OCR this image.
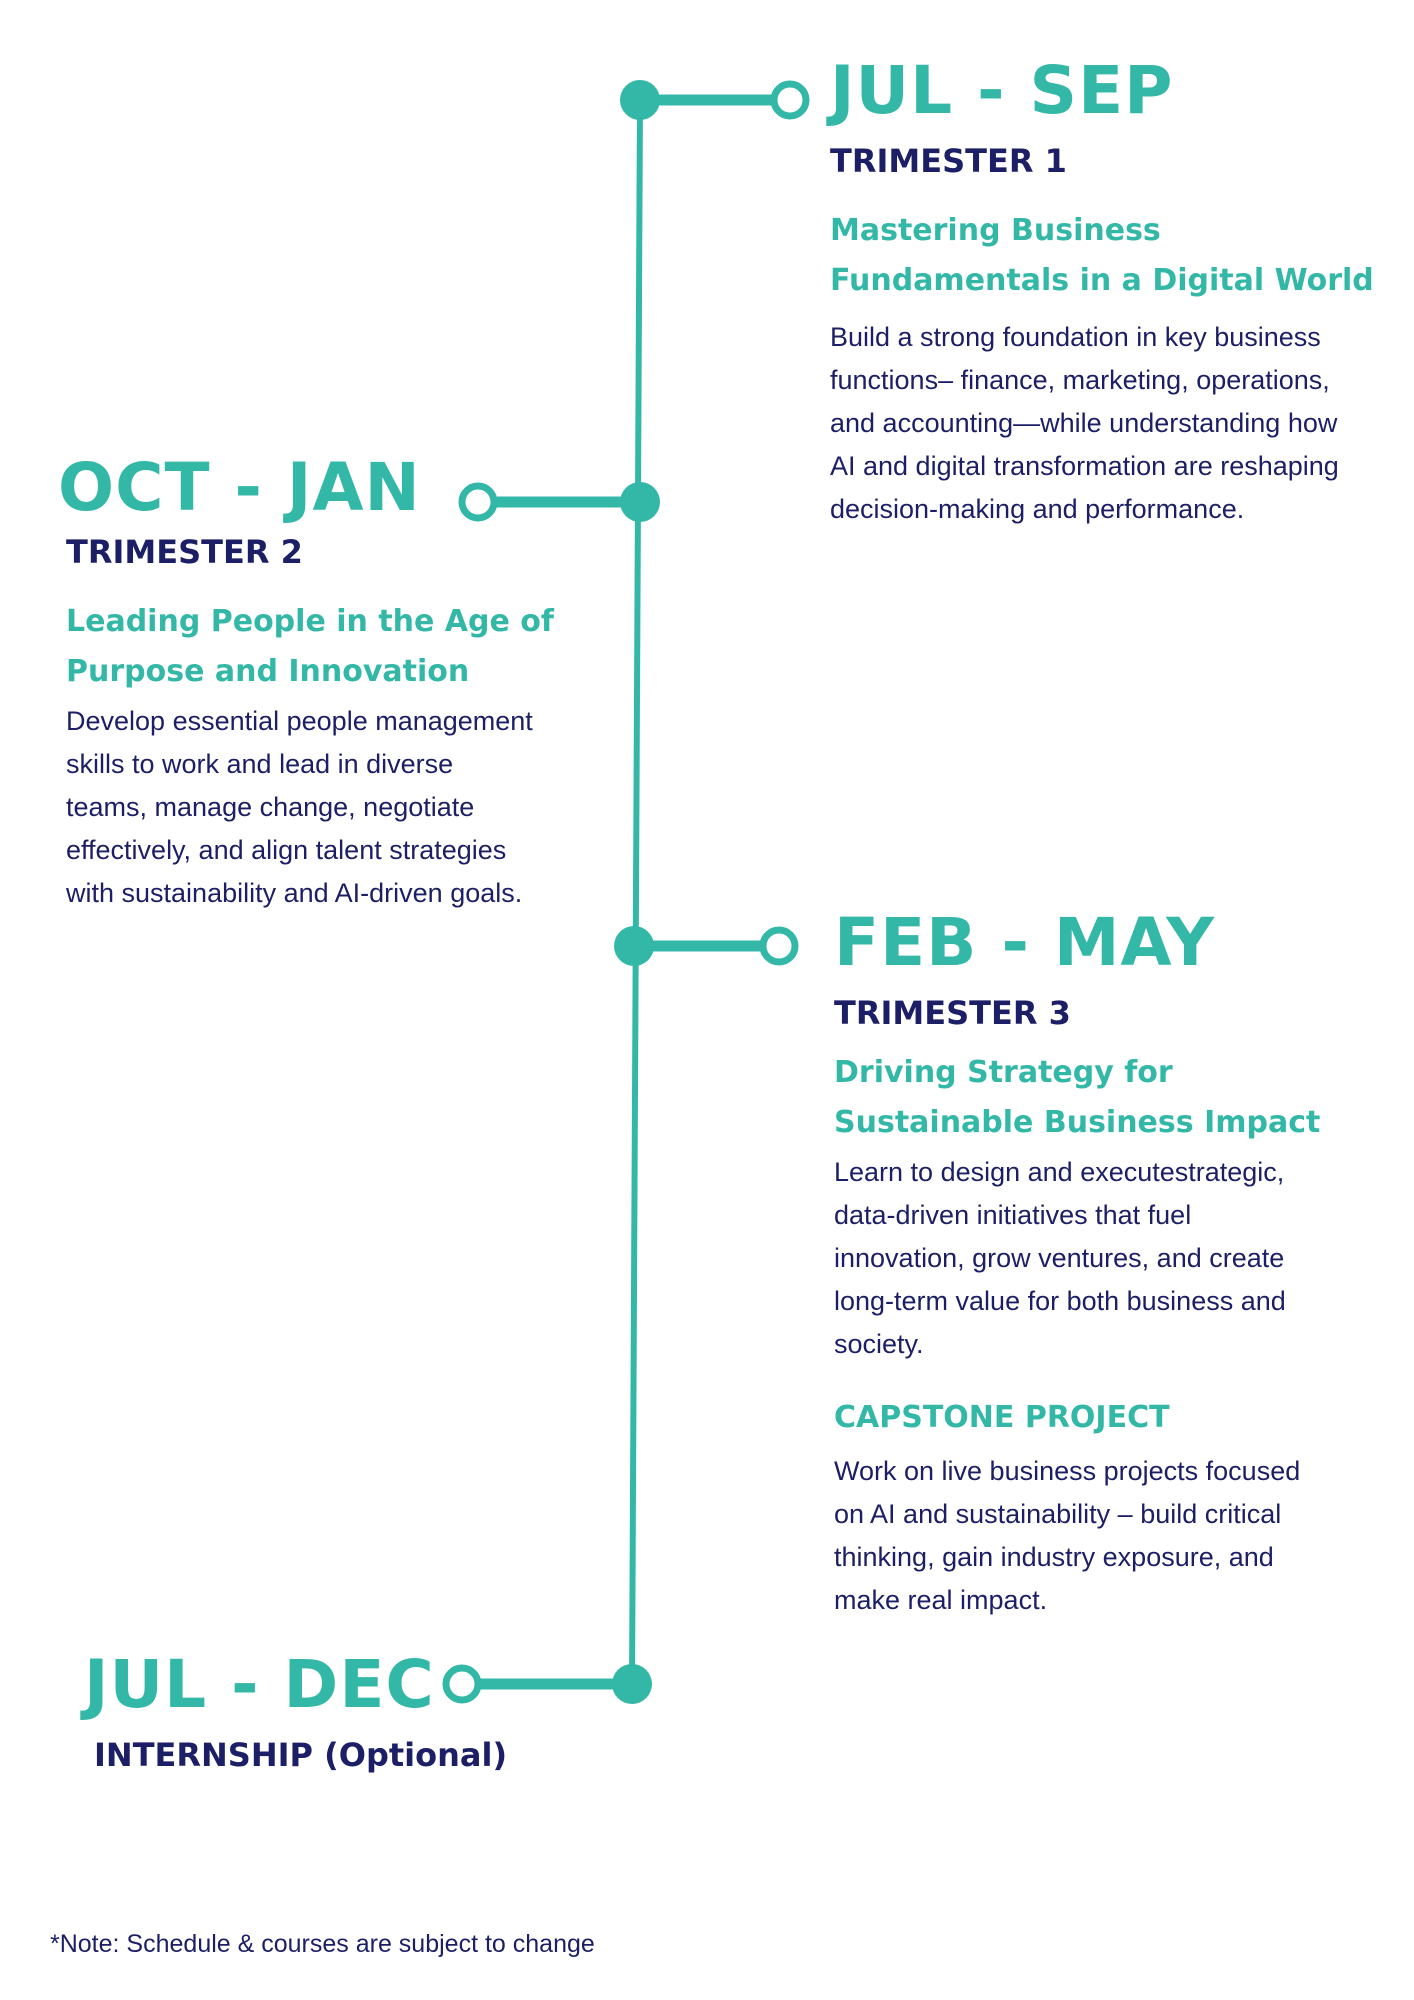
JUL - SEP

TRIMESTER 1

Mastering Business

Fundamentals in a Digital World

Build a strong foundation in key business

functions– finance, marketing, operations,

and accounting—while understanding how

AI and digital transformation are reshaping

decision-making and performance.

OCT - JAN

TRIMESTER 2

Leading People in the Age of

Purpose and Innovation

Develop essential people management

skills to work and lead in diverse

teams, manage change, negotiate

effectively, and align talent strategies

with sustainability and AI-driven goals.

FEB - MAY

TRIMESTER 3

Driving Strategy for

Sustainable Business Impact

Learn to design and executestrategic,

data-driven initiatives that fuel

innovation, grow ventures, and create

long-term value for both business and

society.

CAPSTONE PROJECT

Work on live business projects focused

on AI and sustainability – build critical

thinking, gain industry exposure, and

make real impact.

JUL - DEC

INTERNSHIP (Optional)

*Note: Schedule & courses are subject to change
